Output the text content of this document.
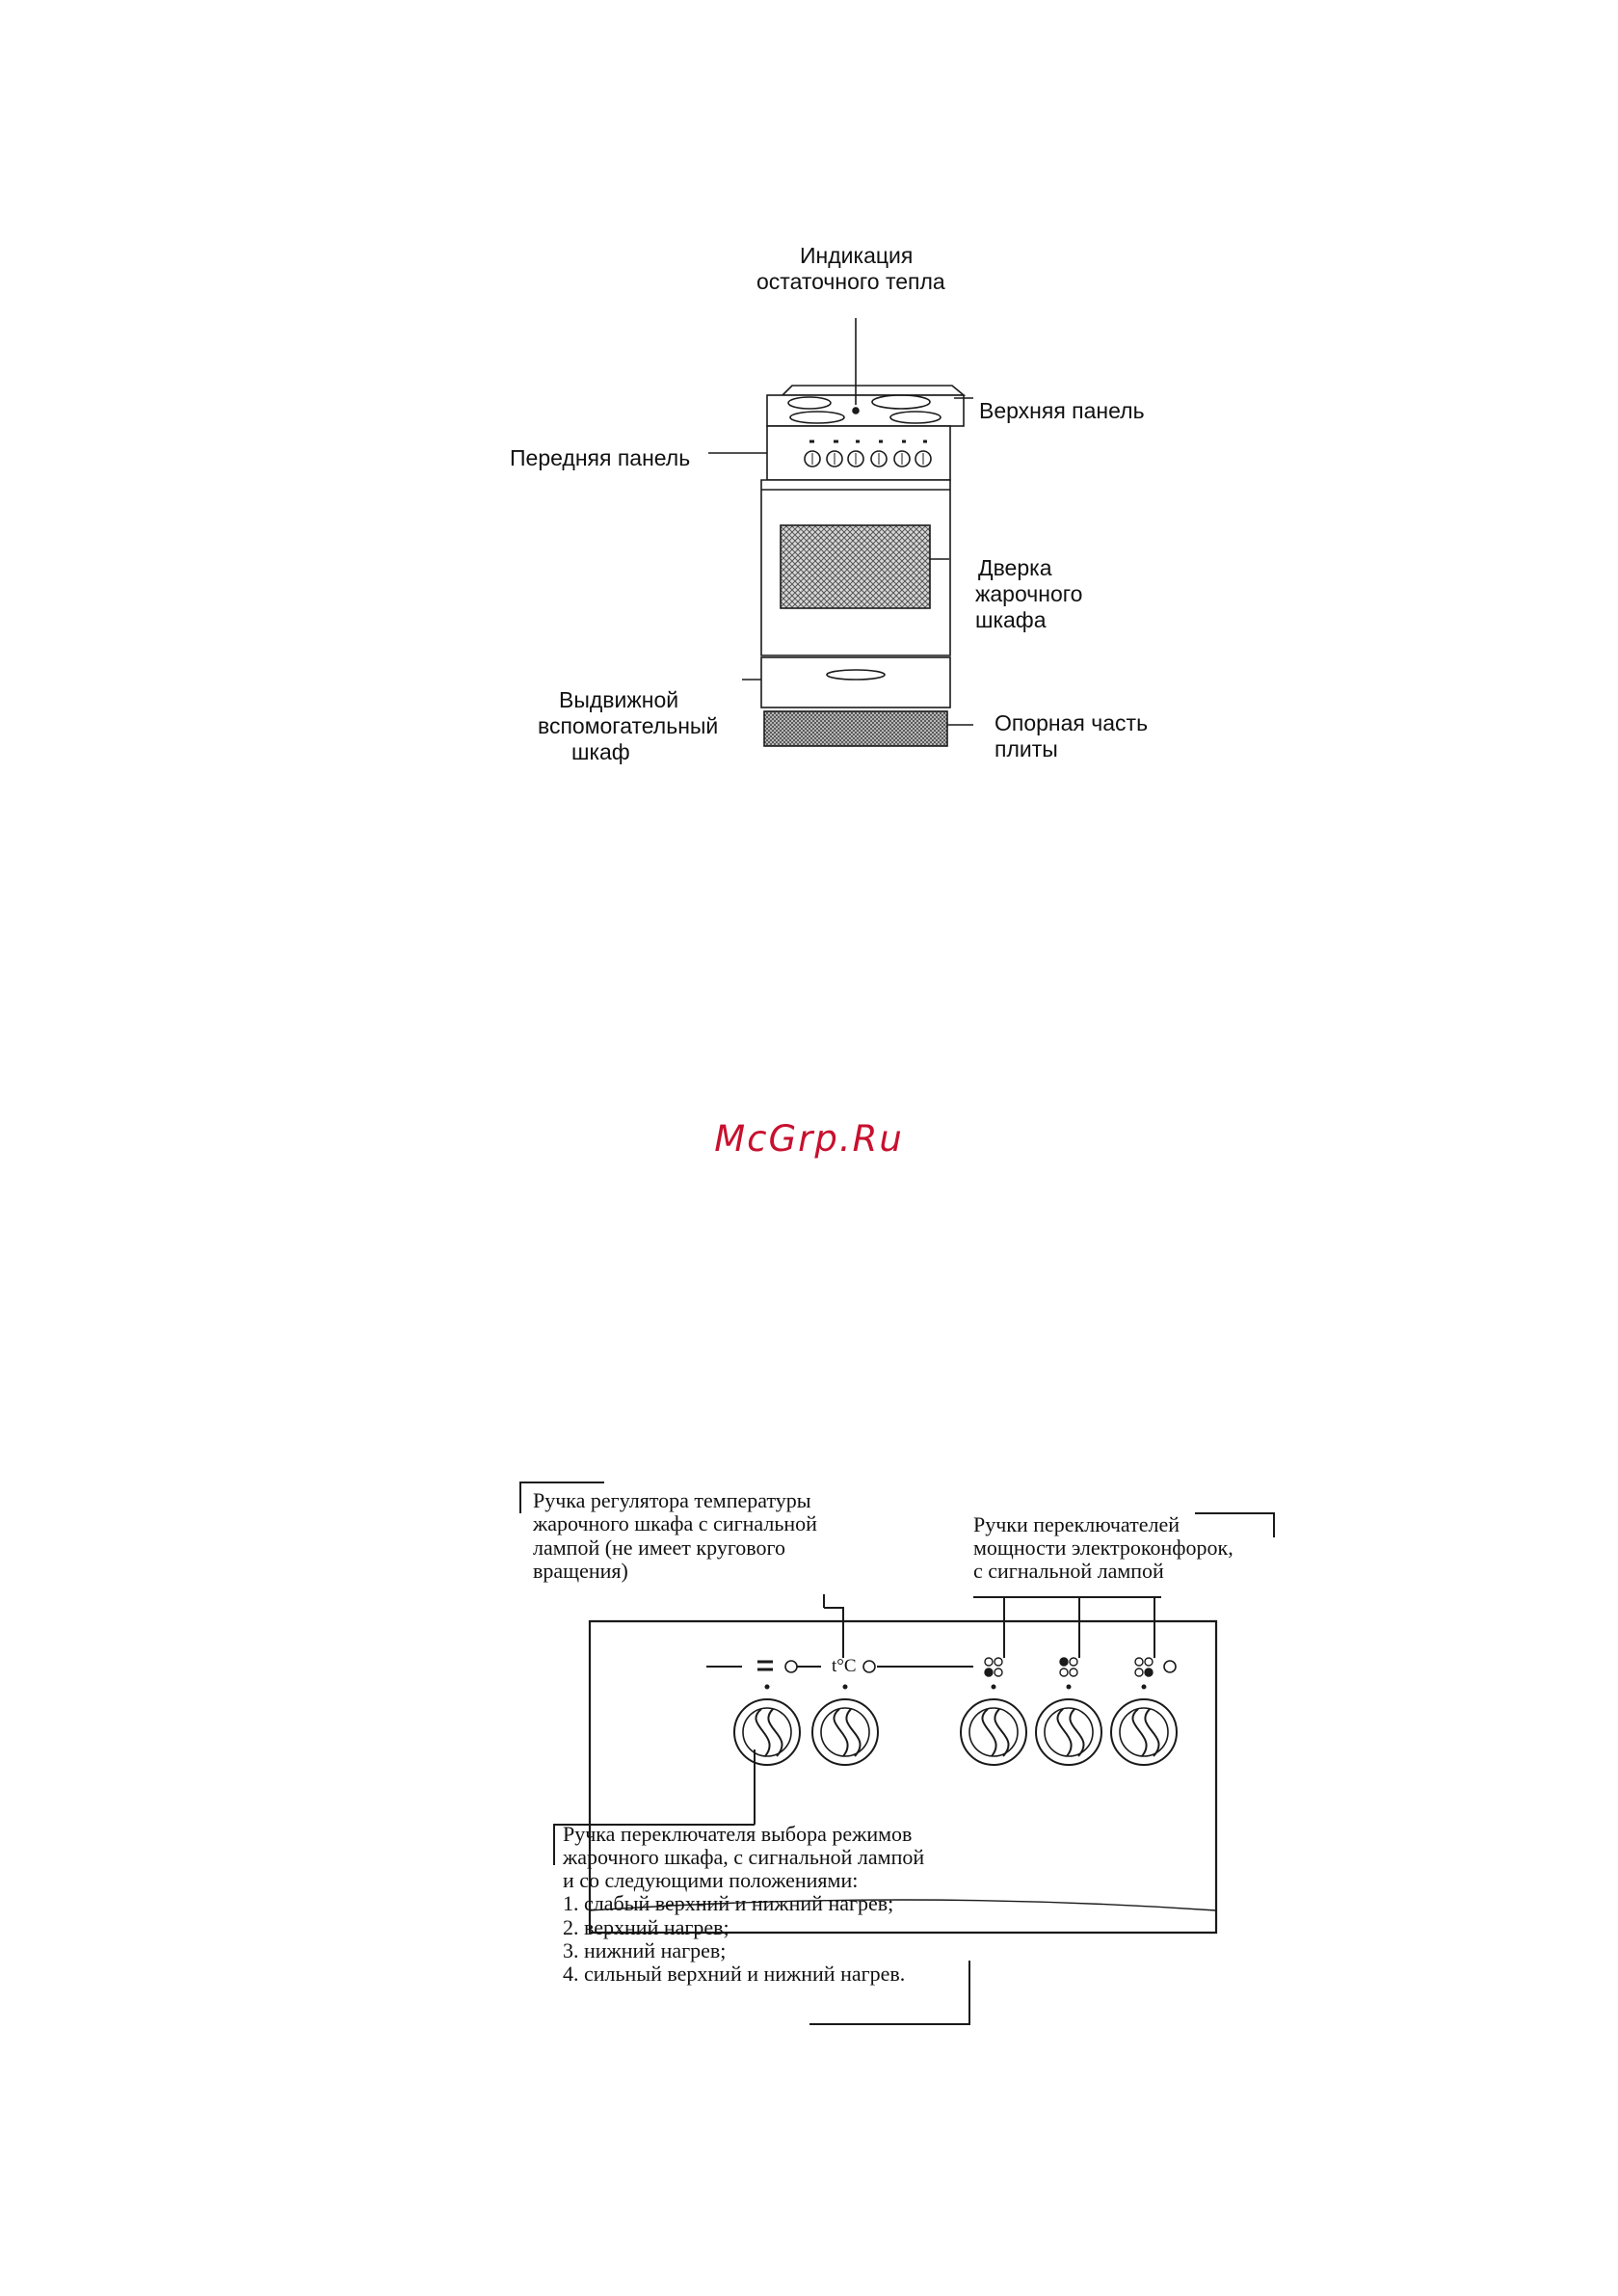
Индикация
остаточного тепла
Верхняя панель
Передняя панель
Дверка
жарочного
шкафа
Выдвижной
вспомогательный
шкаф
Опорная часть
плиты
McGrp.Ru
Ручка регулятора температуры
жарочного шкафа с сигнальной
лампой (не имеет кругового
вращения)
Ручки переключателей
мощности электроконфорок,
с сигнальной лампой
t°C
Ручка переключателя выбора режимов
жарочного шкафа, с сигнальной лампой
и со следующими положениями:
1. слабый верхний и нижний нагрев;
2. верхний нагрев;
3. нижний нагрев;
4. сильный верхний и нижний нагрев.
